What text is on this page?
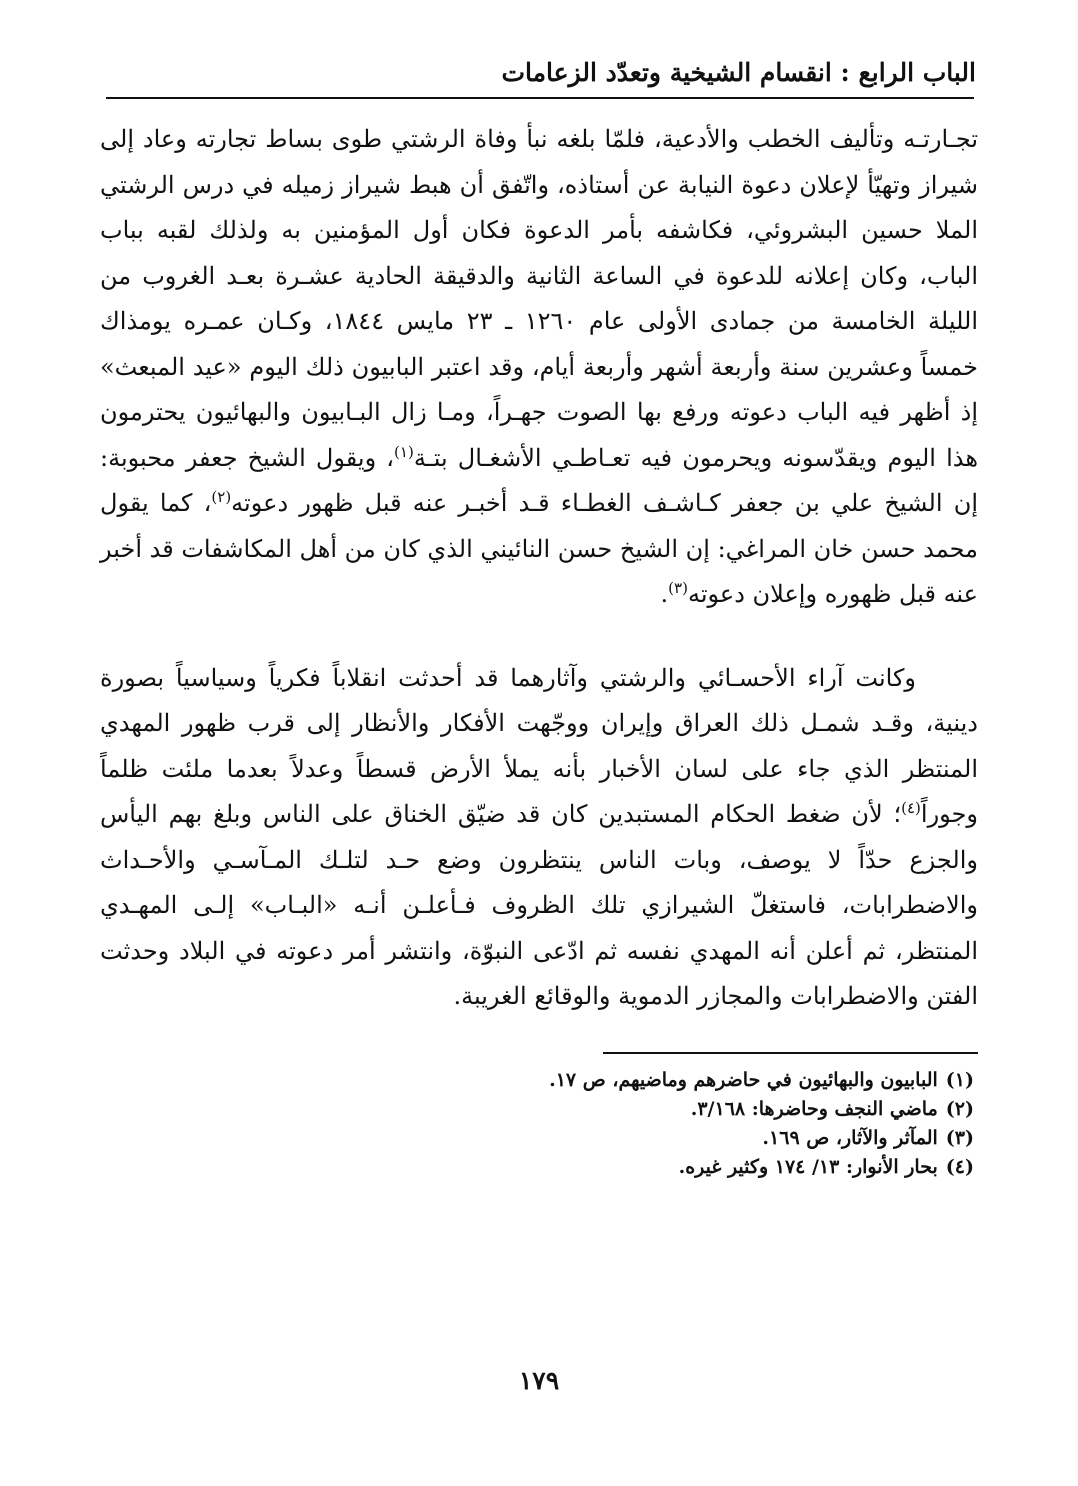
الباب الرابع : انقسام الشيخية وتعدّد الزعامات

تجـارتـه وتأليف الخطب والأدعية، فلمّا بلغه نبأ وفاة الرشتي طوى بساط تجارته وعاد إلى شيراز وتهيّأ لإعلان دعوة النيابة عن أستاذه، واتّفق أن هبط شيراز زميله في درس الرشتي الملا حسين البشروئي، فكاشفه بأمر الدعوة فكان أول المؤمنين به ولذلك لقبه بباب الباب، وكان إعلانه للدعوة في الساعة الثانية والدقيقة الحادية عشـرة بعـد الغروب من الليلة الخامسة من جمادى الأولى عام ١٢٦٠ ـ ٢٣ مايس ١٨٤٤، وكـان عمـره يومذاك خمساً وعشرين سنة وأربعة أشهر وأربعة أيام، وقد اعتبر البابيون ذلك اليوم «عيد المبعث» إذ أظهر فيه الباب دعوته ورفع بها الصوت جهـراً، ومـا زال البـابيون والبهائيون يحترمون هذا اليوم ويقدّسونه ويحرمون فيه تعـاطـي الأشغـال بتـة$^{(١)}$، ويقول الشيخ جعفر محبوبة: إن الشيخ علي بن جعفر كـاشـف الغطـاء قـد أخبـر عنه قبل ظهور دعوته$^{(٢)}$، كما يقول محمد حسن خان المراغي: إن الشيخ حسن النائيني الذي كان من أهل المكاشفات قد أخبر عنه قبل ظهوره وإعلان دعوته$^{(٣)}$.

وكانت آراء الأحسـائي والرشتي وآثارهما قد أحدثت انقلاباً فكرياً وسياسياً بصورة دينية، وقـد شمـل ذلك العراق وإيران ووجّهت الأفكار والأنظار إلى قرب ظهور المهدي المنتظر الذي جاء على لسان الأخبار بأنه يملأ الأرض قسطاً وعدلاً بعدما ملئت ظلماً وجوراً$^{(٤)}$؛ لأن ضغط الحكام المستبدين كان قد ضيّق الخناق على الناس وبلغ بهم اليأس والجزع حدّاً لا يوصف، وبات الناس ينتظرون وضع حـد لتلـك المـآسـي والأحـداث والاضطرابات، فاستغلّ الشيرازي تلك الظروف فـأعلـن أنـه «البـاب» إلـى المهـدي المنتظر، ثم أعلن أنه المهدي نفسه ثم ادّعى النبوّة، وانتشر أمر دعوته في البلاد وحدثت الفتن والاضطرابات والمجازر الدموية والوقائع الغريبة.

(١)البابيون والبهائيون في حاضرهم وماضيهم، ص ١٧.
(٢)ماضي النجف وحاضرها: ٣/١٦٨.
(٣)المآثر والآثار، ص ١٦٩.
(٤)بحار الأنوار: ١٣/ ١٧٤ وكثير غيره.
١٧٩
